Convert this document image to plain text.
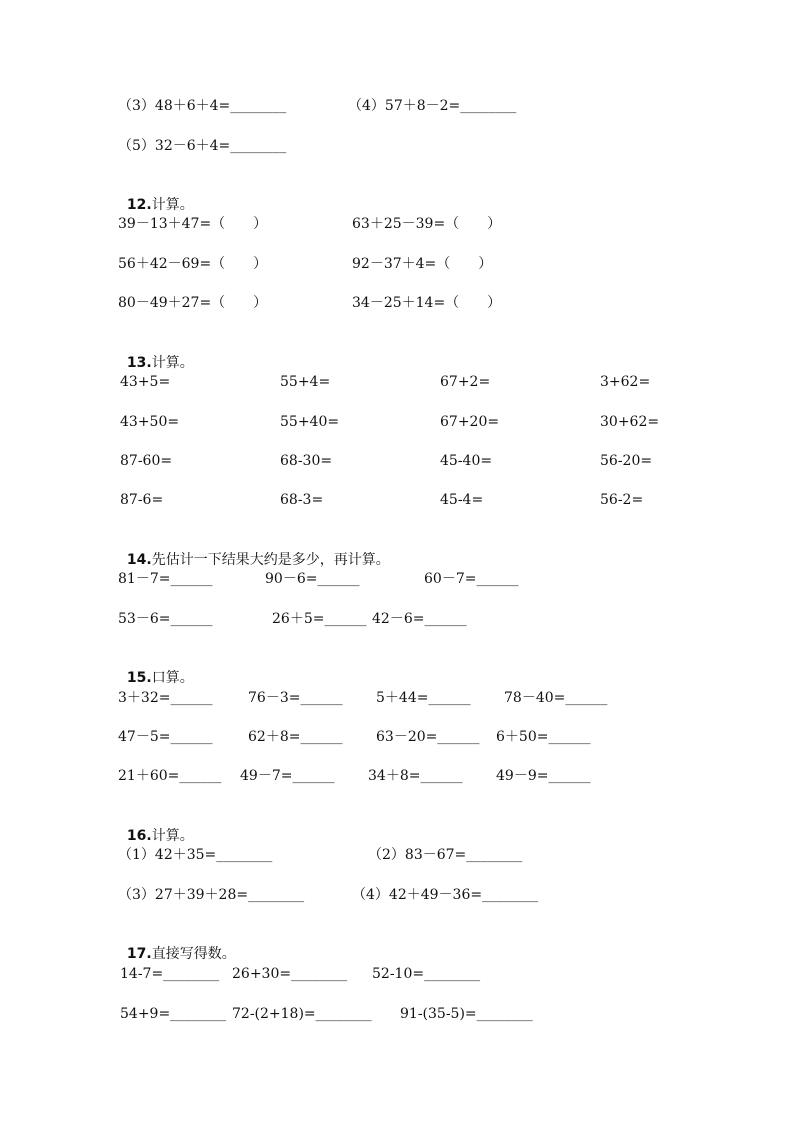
（3）48＋6＋4=________	（4）57＋8－2=________
（5）32－6＋4=________

12.计算。

39－13＋47=（　　）	63＋25－39=（　　）
56＋42－69=（　　）	92－37＋4=（　　）
80－49＋27=（　　）	34－25＋14=（　　）

13.计算。

43+5=	55+4=	67+2=	3+62=
43+50=	55+40=	67+20=	30+62=
87-60=	68-30=	45-40=	56-20=
87-6=	68-3=	45-4=	56-2=

14.先估计一下结果大约是多少，再计算。

81－7=______	90－6=______	60－7=______
53－6=______	26＋5=______ 42－6=______

15.口算。

3＋32=______	76－3=______ 5＋44=______ 78－40=______
47－5=______	62＋8=______ 63－20=______ 6＋50=______
21＋60=______ 49－7=______ 34＋8=______ 49－9=______

16.计算。

（1）42＋35=________	（2）83－67=________
（3）27＋39＋28=________	（4）42＋49－36=________

17.直接写得数。

14-7=________ 26+30=________ 52-10=________
54+9=________ 72-(2+18)=________ 91-(35-5)=________
